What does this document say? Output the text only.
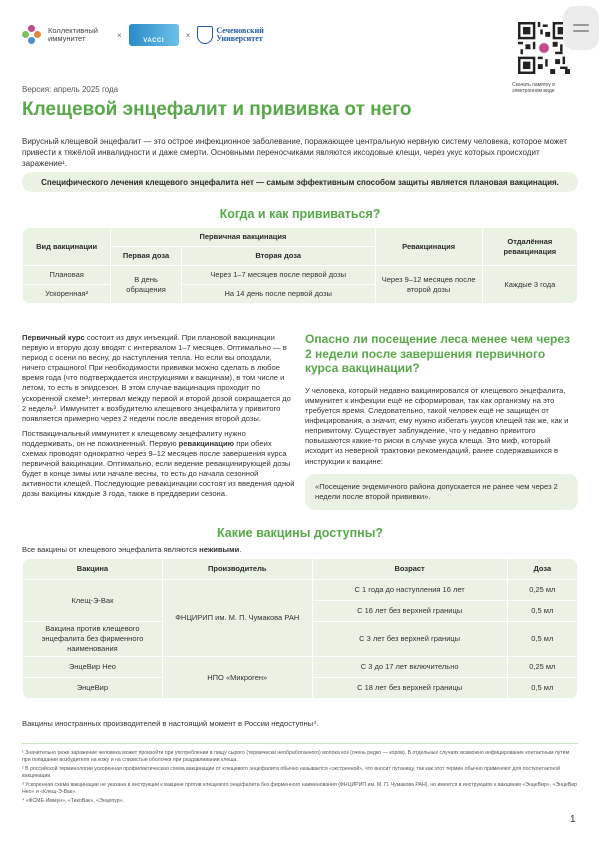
Коллективный иммунитет	×
VACCI
×	Сеченовский
Университет
Скачать памятку в электронном виде
Версия: апрель 2025 года
Клещевой энцефалит и прививка от него
Вирусный клещевой энцефалит — это острое инфекционное заболевание, поражающее центральную нервную систему человека, которое может привести к тяжёлой инвалидности и даже смерти. Основными переносчиками являются иксодовые клещи, через укус которых происходит заражение¹.
Специфического лечения клещевого энцефалита нет — самым эффективным способом защиты является плановая вакцинация.
Когда и как прививаться?
Вид вакцинации	Первичная вакцинация		Ревакцинация	Отдалённая ревакцинация
	Первая доза	Вторая доза		
Плановая	В день обращения	Через 1–7 месяцев после первой дозы	Через 9–12 месяцев после второй дозы	Каждые 3 года
Ускоренная²		На 14 день после первой дозы		

Первичный курс состоит из двух инъекций. При плановой вакцинации первую и вторую дозу вводят с интервалом 1–7 месяцев. Оптимально — в период с осени по весну, до наступления тепла. Но если вы опоздали, ничего страшного! При необходимости прививки можно сделать в любое время года (что подтверждается инструкциями к вакцинам), в том числе и летом, то есть в эпидсезон. В этом случае вакцинация проходит по ускоренной схеме³: интервал между первой и второй дозой сокращается до 2 недель³. Иммунитет к возбудителю клещевого энцефалита у привитого появляется примерно через 2 недели после введения второй дозы.

Поствакцинальный иммунитет к клещевому энцефалиту нужно поддерживать, он не пожизненный. Первую ревакцинацию при обеих схемах проводят однократно через 9–12 месяцев после завершения курса первичной вакцинации. Оптимально, если ведение ревакцинирующей дозы будет в конце зимы или начале весны, то есть до начала сезонной активности клещей. Последующие ревакцинации состоят из введения одной дозы вакцины каждые 3 года, также в преддверии сезона.

Опасно ли посещение леса менее чем через 2 недели после завершения первичного курса вакцинации?
У человека, который недавно вакцинировался от клещевого энцефалита, иммунитет к инфекции ещё не сформирован, так как организму на это требуется время. Следовательно, такой человек ещё не защищён от инфицирования, а значит, ему нужно избегать укусов клещей так же, как и непривитому. Существует заблуждение, что у недавно привитого повышаются какие-то риски в случае укуса клеща. Это миф, который исходит из неверной трактовки рекомендаций, ранее содержавшихся в инструкции к вакцине:
«Посещение эндемичного района допускается не ранее чем через 2 недели после второй прививки».
Какие вакцины доступны?
Все вакцины от клещевого энцефалита являются неживыми.
Вакцина	Производитель	Возраст	Доза
Клещ-Э-Вак	ФНЦИРИП им. М. П. Чумакова РАН	С 1 года до наступления 16 лет	0,25 мл
		С 16 лет без верхней границы	0,5 мл
Вакцина против клещевого энцефалита без фирменного наименования		С 3 лет без верхней границы	0,5 мл
ЭнцеВир Нео	НПО «Микроген»	С 3 до 17 лет включительно	0,25 мл
ЭнцеВир		С 18 лет без верхней границы	0,5 мл
Вакцины иностранных производителей в настоящий момент в России недоступны⁴.
¹ Значительно реже заражение человека может произойти при употреблении в пищу сырого (термически необработанного) молока коз (очень редко — коров). В отдельных случаях возможно инфицирование контактным путём при попадании возбудителя на кожу и на слизистые оболочки при раздавливании клеща.
² В российской терминологии ускоренная профилактическая схема вакцинации от клещевого энцефалита обычно называется «экстренной», что вносит путаницу, так как этот термин обычно применяют для постконтактной вакцинации.
³ Ускоренная схема вакцинации не указана в инструкции к вакцине против клещевого энцефалита без фирменного наименования (ФНЦИРИП им. М. П. Чумакова РАН), но имеется в инструкциях к вакцинам «ЭнцеВир», «ЭнцеВир Нео» и «Клещ-Э-Вак».
⁴ «ФСМЕ-Иммун», «ТикоВак», «Энцепур».
1
